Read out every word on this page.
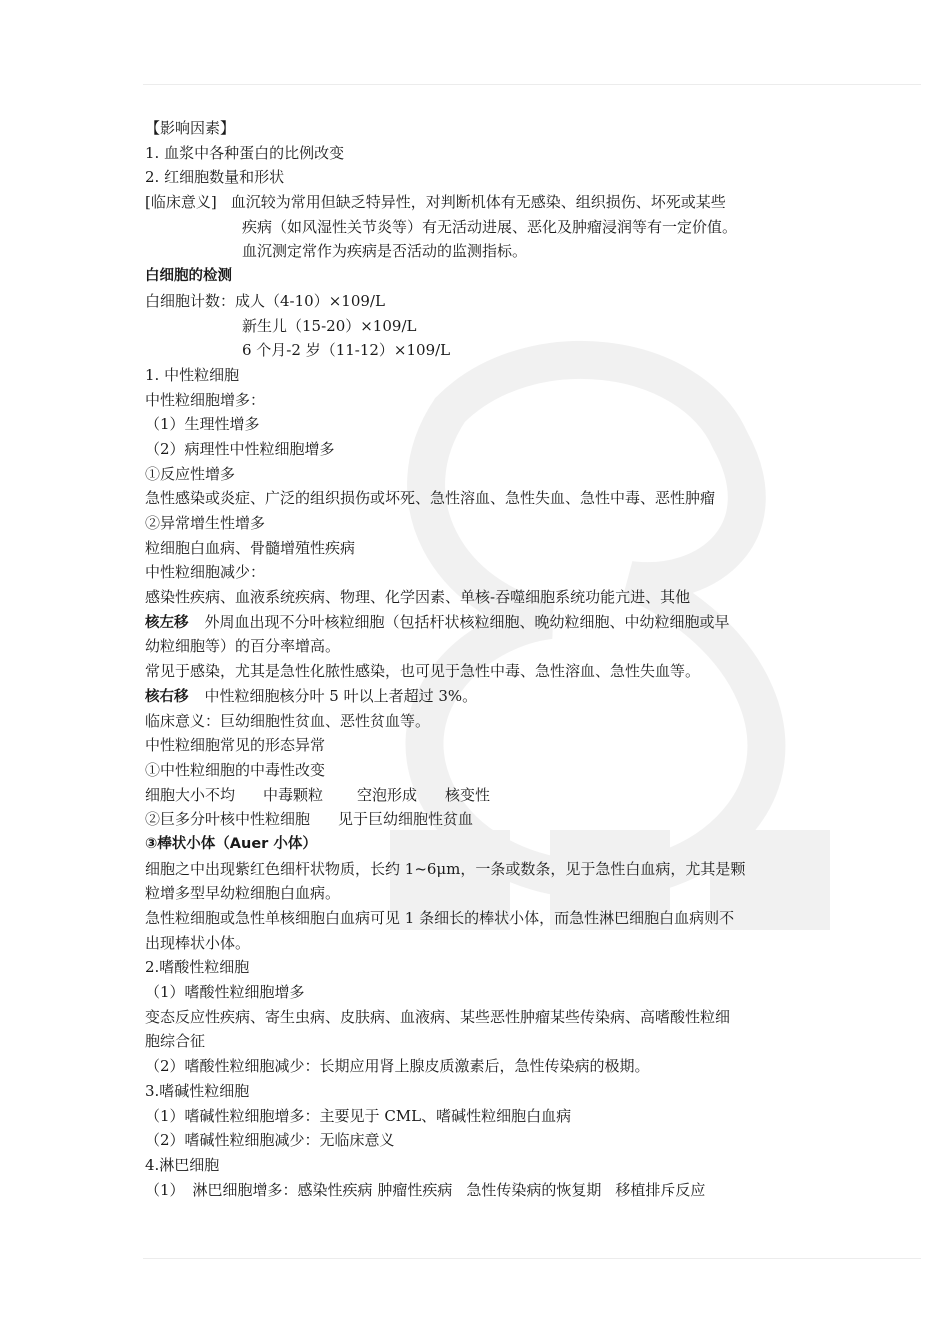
【影响因素】
1. 血浆中各种蛋白的比例改变
2. 红细胞数量和形状
[临床意义] 血沉较为常用但缺乏特异性，对判断机体有无感染、组织损伤、坏死或某些
疾病（如风湿性关节炎等）有无活动进展、恶化及肿瘤浸润等有一定价值。
血沉测定常作为疾病是否活动的监测指标。
白细胞的检测
白细胞计数：成人（4-10）×109/L
新生儿（15-20）×109/L
6 个月-2 岁（11-12）×109/L
1. 中性粒细胞
中性粒细胞增多：
（1）生理性增多
（2）病理性中性粒细胞增多
①反应性增多
急性感染或炎症、广泛的组织损伤或坏死、急性溶血、急性失血、急性中毒、恶性肿瘤
②异常增生性增多
粒细胞白血病、骨髓增殖性疾病
中性粒细胞减少：
感染性疾病、血液系统疾病、物理、化学因素、单核-吞噬细胞系统功能亢进、其他
核左移 外周血出现不分叶核粒细胞（包括杆状核粒细胞、晚幼粒细胞、中幼粒细胞或早
幼粒细胞等）的百分率增高。
常见于感染，尤其是急性化脓性感染，也可见于急性中毒、急性溶血、急性失血等。
核右移 中性粒细胞核分叶 5 叶以上者超过 3%。
临床意义：巨幼细胞性贫血、恶性贫血等。
中性粒细胞常见的形态异常
①中性粒细胞的中毒性改变
细胞大小不均 中毒颗粒 空泡形成 核变性
②巨多分叶核中性粒细胞 见于巨幼细胞性贫血
③棒状小体（Auer 小体）
细胞之中出现紫红色细杆状物质，长约 1~6μm，一条或数条，见于急性白血病，尤其是颗
粒增多型早幼粒细胞白血病。
急性粒细胞或急性单核细胞白血病可见 1 条细长的棒状小体，而急性淋巴细胞白血病则不
出现棒状小体。
2.嗜酸性粒细胞
（1）嗜酸性粒细胞增多
变态反应性疾病、寄生虫病、皮肤病、血液病、某些恶性肿瘤某些传染病、高嗜酸性粒细
胞综合征
（2）嗜酸性粒细胞减少：长期应用肾上腺皮质激素后，急性传染病的极期。
3.嗜碱性粒细胞
（1）嗜碱性粒细胞增多：主要见于 CML、嗜碱性粒细胞白血病
（2）嗜碱性粒细胞减少：无临床意义
4.淋巴细胞
（1） 淋巴细胞增多：感染性疾病 肿瘤性疾病 急性传染病的恢复期 移植排斥反应
